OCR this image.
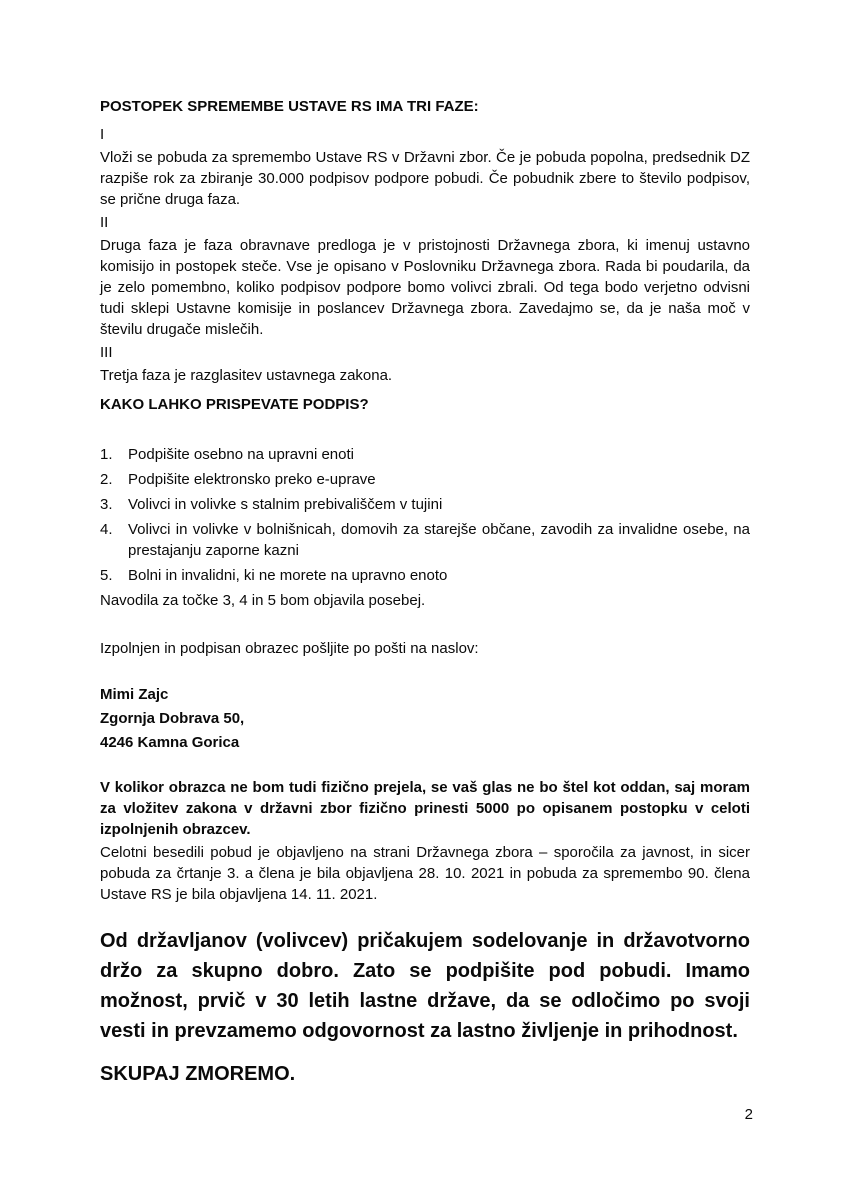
POSTOPEK SPREMEMBE USTAVE RS IMA TRI FAZE:

I

Vloži se pobuda za spremembo Ustave RS v Državni zbor. Če je pobuda popolna, predsednik DZ razpiše rok za zbiranje 30.000 podpisov podpore pobudi. Če pobudnik zbere to število podpisov, se prične druga faza.

II

Druga faza je faza obravnave predloga je v pristojnosti Državnega zbora, ki imenuj ustavno komisijo in postopek steče. Vse je opisano v Poslovniku Državnega zbora. Rada bi poudarila, da je zelo pomembno, koliko podpisov podpore bomo volivci zbrali. Od tega bodo verjetno odvisni tudi sklepi Ustavne komisije in poslancev Državnega zbora. Zavedajmo se, da je naša moč v številu drugače mislečih.

III

Tretja faza je razglasitev ustavnega zakona.

KAKO LAHKO PRISPEVATE PODPIS?
1.	Podpišite osebno na upravni enoti
2.	Podpišite elektronsko preko e-uprave
3.	Volivci in volivke s stalnim prebivališčem v tujini
4.	Volivci in volivke v bolnišnicah, domovih za starejše občane, zavodih za invalidne osebe, na prestajanju zaporne kazni
5.	Bolni in invalidni, ki ne morete na upravno enoto

Navodila za točke 3, 4 in 5 bom objavila posebej.

Izpolnjen in podpisan obrazec pošljite po pošti na naslov:

Mimi Zajc

Zgornja Dobrava 50,

4246 Kamna Gorica

V kolikor obrazca ne bom tudi fizično prejela, se vaš glas ne bo štel kot oddan, saj moram za vložitev zakona v državni zbor fizično prinesti 5000 po opisanem postopku v celoti izpolnjenih obrazcev.

Celotni besedili pobud je objavljeno na strani Državnega zbora – sporočila za javnost, in sicer pobuda za črtanje 3. a člena je bila objavljena 28. 10. 2021 in pobuda za spremembo 90. člena Ustave RS je bila objavljena 14. 11. 2021.

Od državljanov (volivcev) pričakujem sodelovanje in državotvorno držo za skupno dobro. Zato se podpišite pod pobudi. Imamo možnost, prvič v 30 letih lastne države, da se odločimo po svoji vesti in prevzamemo odgovornost za lastno življenje in prihodnost.

SKUPAJ ZMOREMO.

2
